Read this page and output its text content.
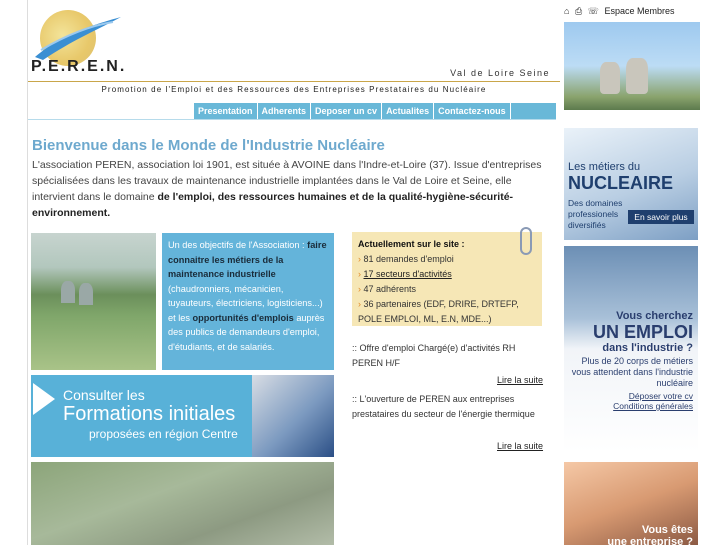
P.E.R.E.N.	Val de Loire Seine
Promotion de l'Emploi et des Ressources des Entreprises Prestataires du Nucléaire
Presentation	Adherents	Deposer un cv	Actualites	Contactez-nous
Bienvenue dans le Monde de l'Industrie Nucléaire
L'association PEREN, association loi 1901, est située à AVOINE dans l'Indre-et-Loire (37). Issue d'entreprises spécialisées dans les travaux de maintenance industrielle implantées dans le Val de Loire et Seine, elle intervient dans le domaine de l'emploi, des ressources humaines et de la qualité-hygiène-sécurité-environnement.
Un des objectifs de l'Association : faire connaitre les métiers de la maintenance industrielle (chaudronniers, mécanicien, tuyauteurs, électriciens, logisticiens...) et les opportunités d'emplois auprès des publics de demandeurs d'emploi, d'étudiants, et de salariés.
Consulter les
Formations initiales
proposées en région Centre
Actuellement sur le site :
› 81 demandes d'emploi
› 17 secteurs d'activités
› 47 adhérents
› 36 partenaires (EDF, DRIRE, DRTEFP, POLE EMPLOI, ML, E.N, MDE...)
:: Offre d'emploi Chargé(e) d'activités RH PEREN H/F
Lire la suite
:: L'ouverture de PEREN aux entreprises prestataires du secteur de l'énergie thermique
Lire la suite
⌂ ⎙ ☏ Espace Membres
Les métiers du
NUCLEAIRE
Des domaines
professionels
diversifiés
En savoir plus
Vous cherchez
UN EMPLOI
dans l'industrie ?
Plus de 20 corps de métiers vous attendent dans l'industrie nucléaire
Déposer votre cv
Conditions générales
Vous êtes
une entreprise ?
